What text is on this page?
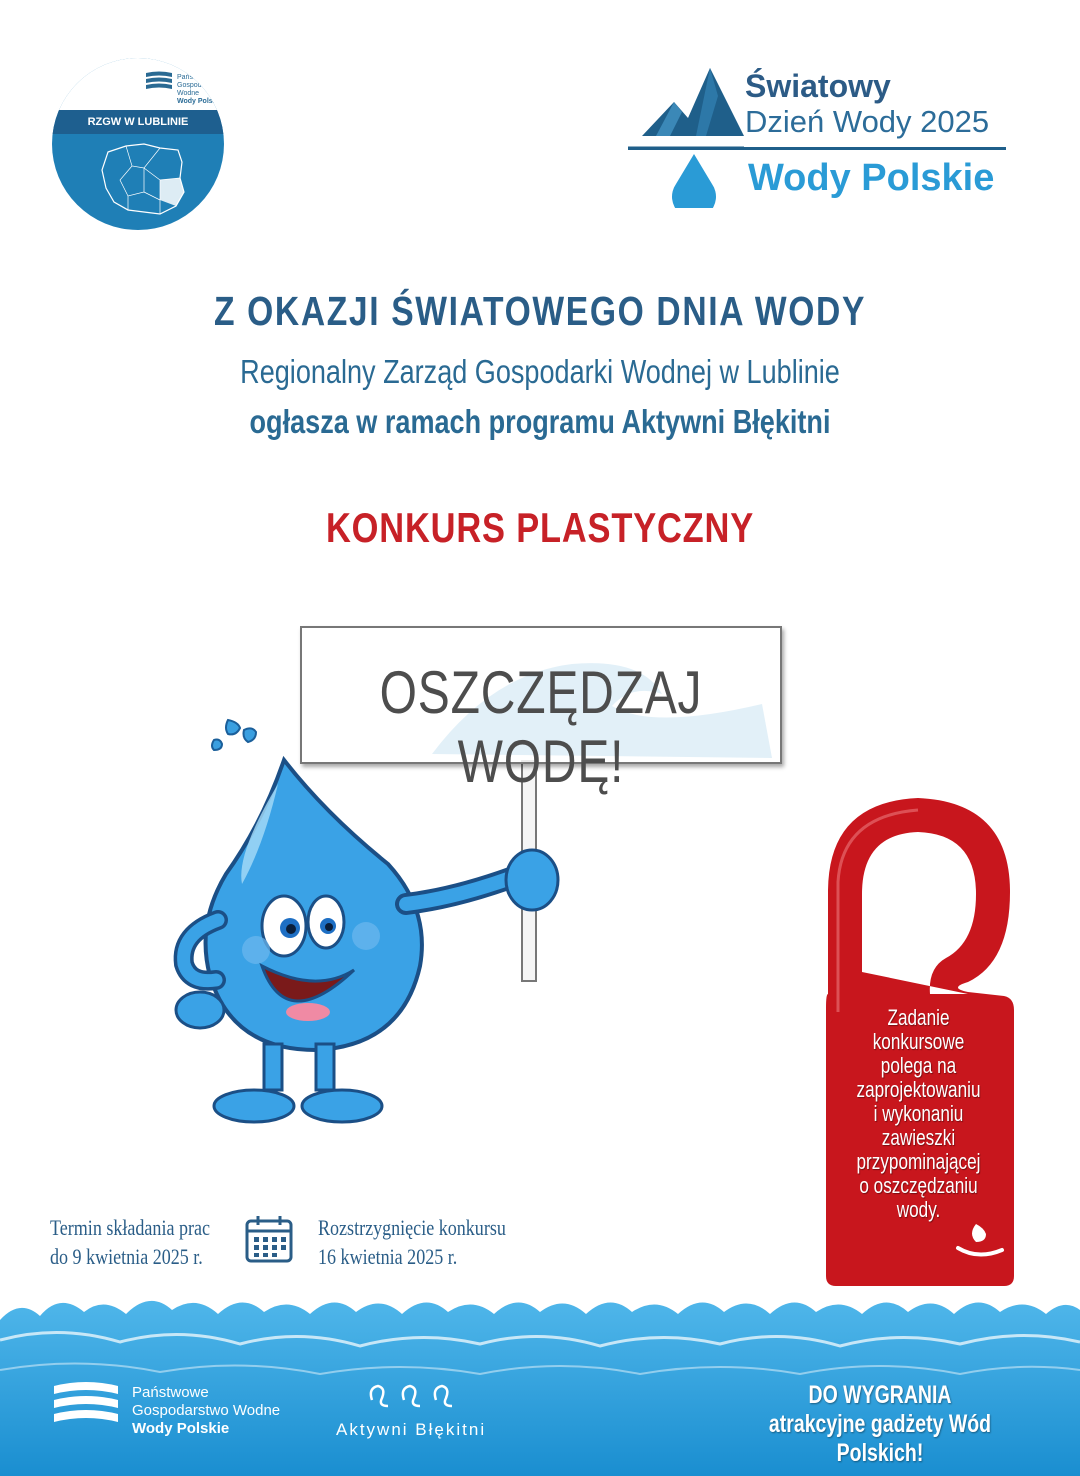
Państwowe
Gospodarstwo Wodne
Wody Polskie
RZGW W LUBLINIE
Światowy
Dzień Wody 2025
Wody Polskie
Z OKAZJI ŚWIATOWEGO DNIA WODY
Regionalny Zarząd Gospodarki Wodnej w Lublinie
ogłasza w ramach programu Aktywni Błękitni
KONKURS PLASTYCZNY
OSZCZĘDZAJ WODĘ!
Zadanie konkursowe
polega na
zaprojektowaniu
i wykonaniu
zawieszki
przypominającej
o oszczędzaniu
wody.
Termin składania prac
do 9 kwietnia 2025 r.
Rozstrzygnięcie konkursu
16 kwietnia 2025 r.
Państwowe
Gospodarstwo Wodne
Wody Polskie	Aktywni Błękitni
DO WYGRANIA
atrakcyjne gadżety Wód Polskich!
